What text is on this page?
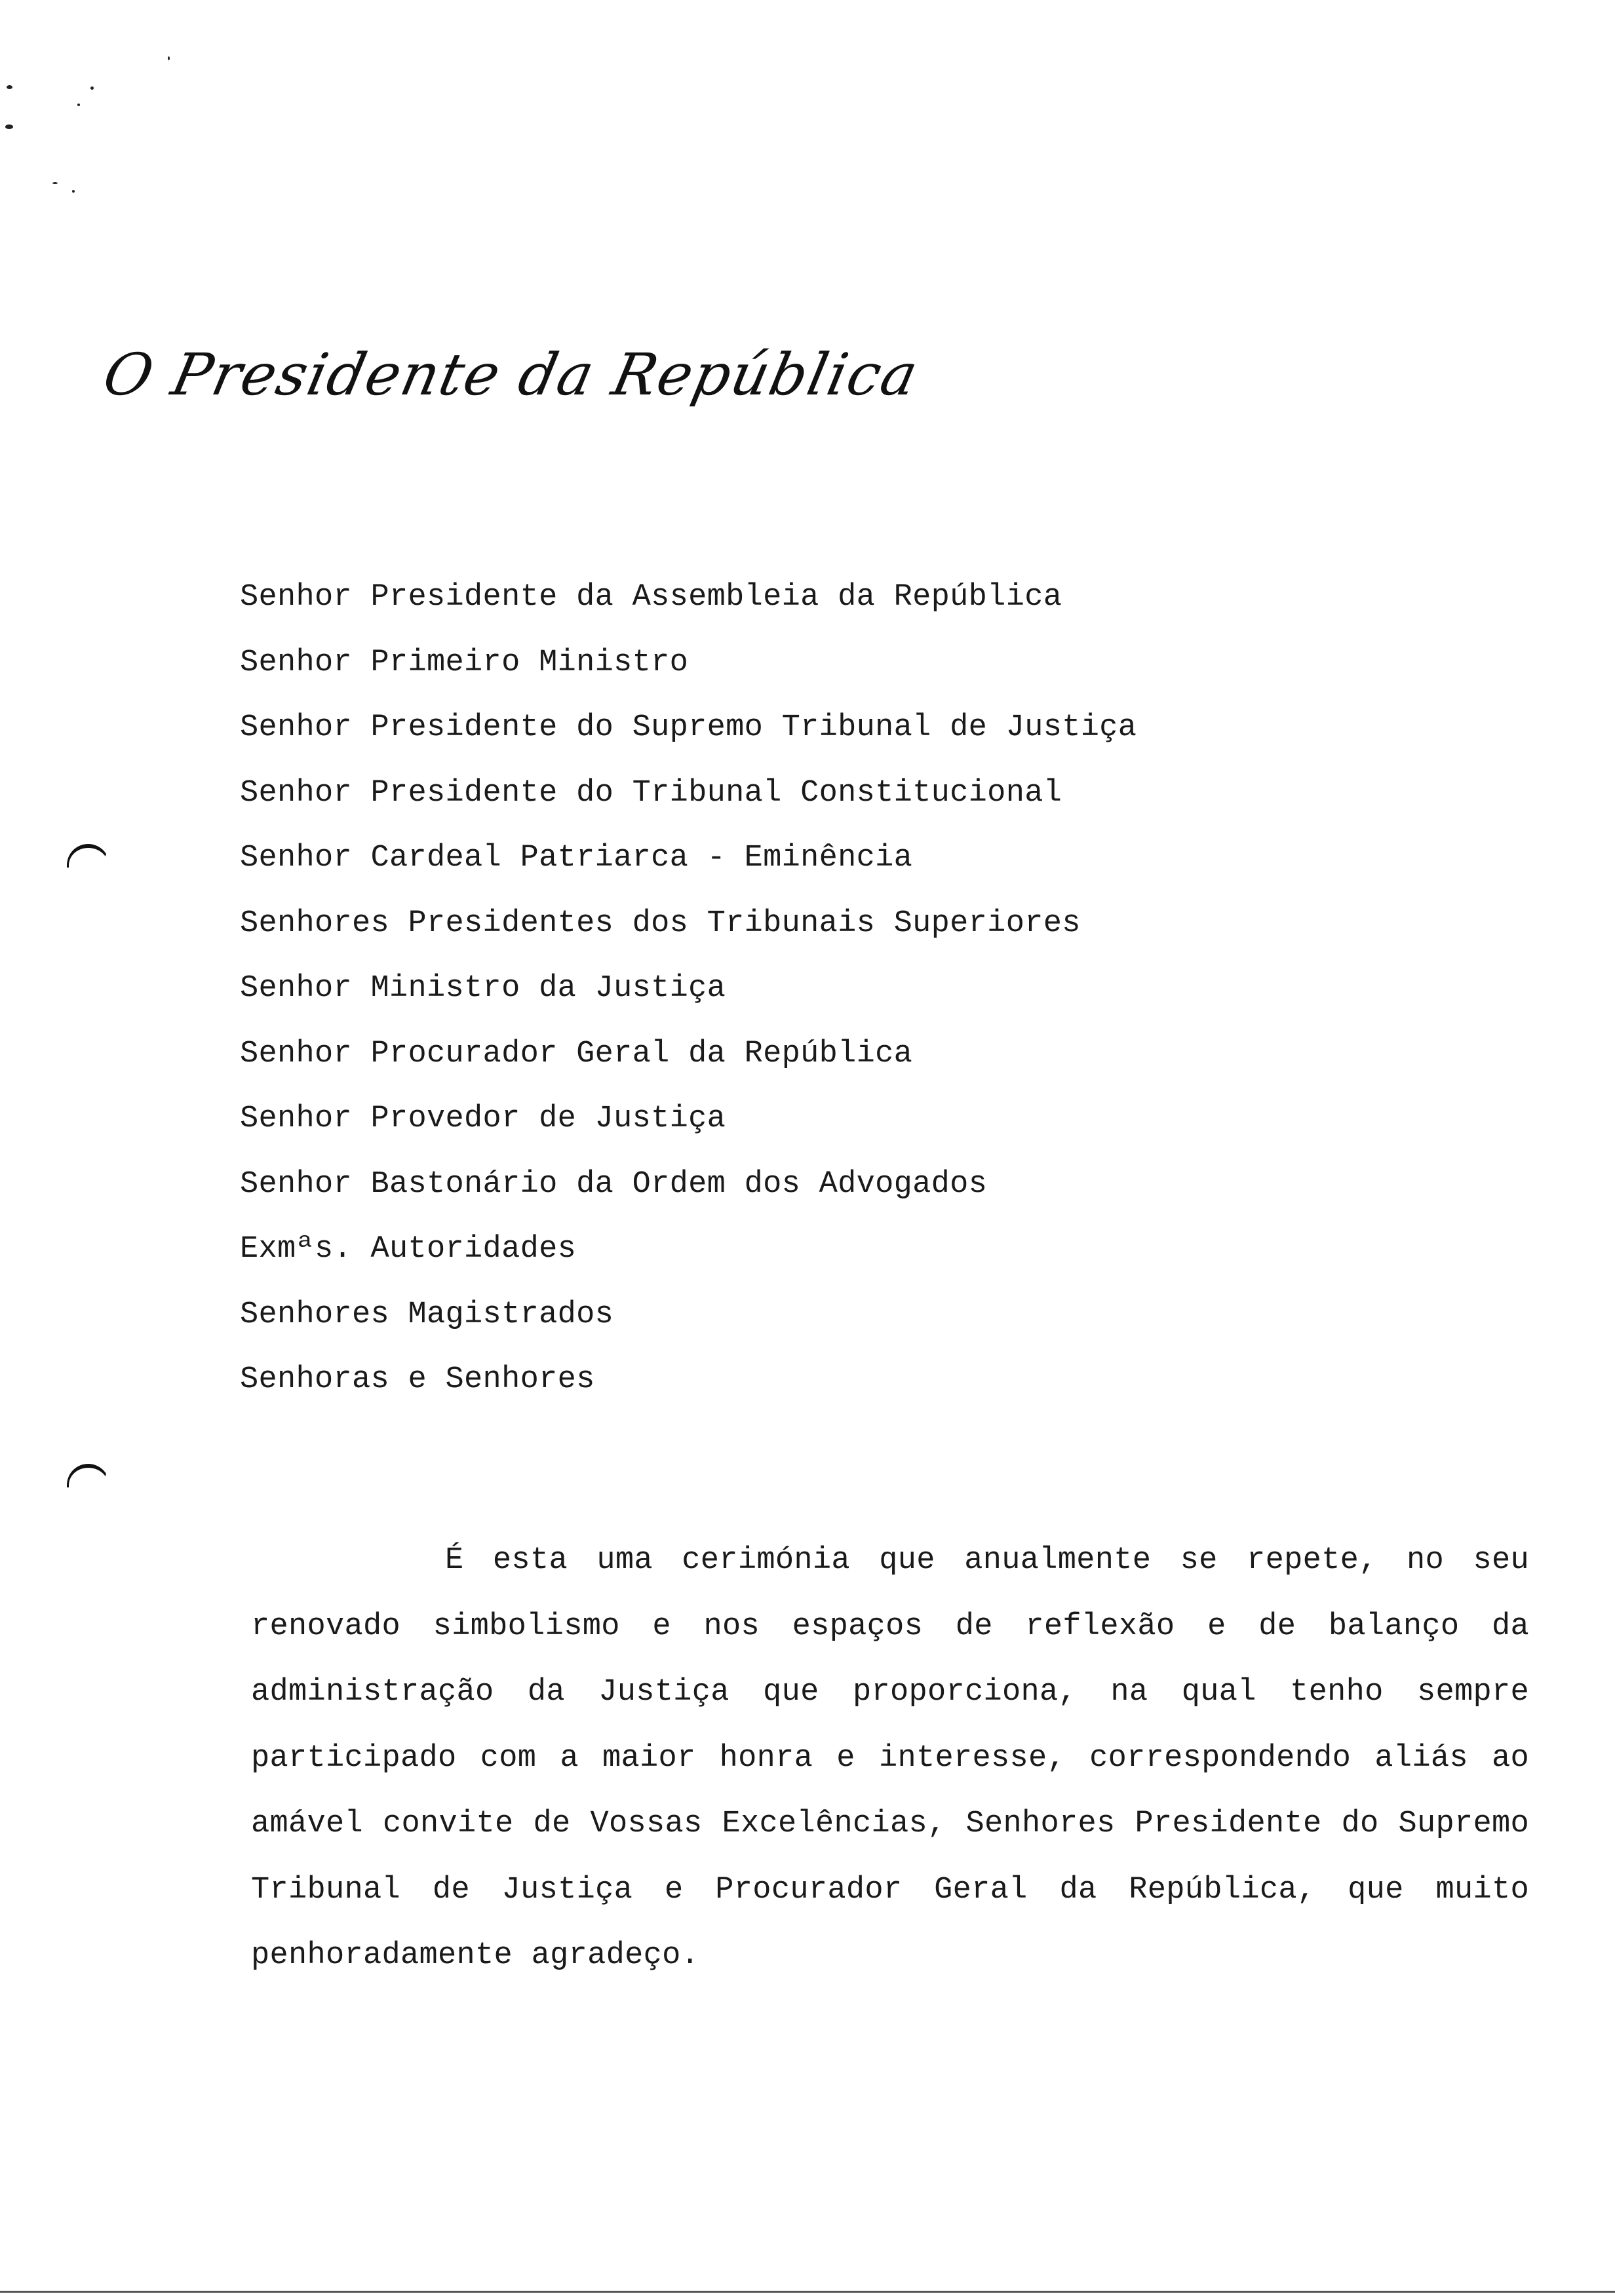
O Presidente da República
Senhor Presidente da Assembleia da República
Senhor Primeiro Ministro
Senhor Presidente do Supremo Tribunal de Justiça
Senhor Presidente do Tribunal Constitucional
Senhor Cardeal Patriarca - Eminência
Senhores Presidentes dos Tribunais Superiores
Senhor Ministro da Justiça
Senhor Procurador Geral da República
Senhor Provedor de Justiça
Senhor Bastonário da Ordem dos Advogados
Exmªs. Autoridades
Senhores Magistrados
Senhoras e Senhores

É esta uma cerimónia que anualmente se repete, no seu renovado simbolismo e nos espaços de reflexão e de balanço da administração da Justiça que proporciona, na qual tenho sempre participado com a maior honra e interesse, correspondendo aliás ao amável convite de Vossas Excelências, Senhores Presidente do Supremo Tribunal de Justiça e Procurador Geral da República, que muito penhoradamente agradeço.
